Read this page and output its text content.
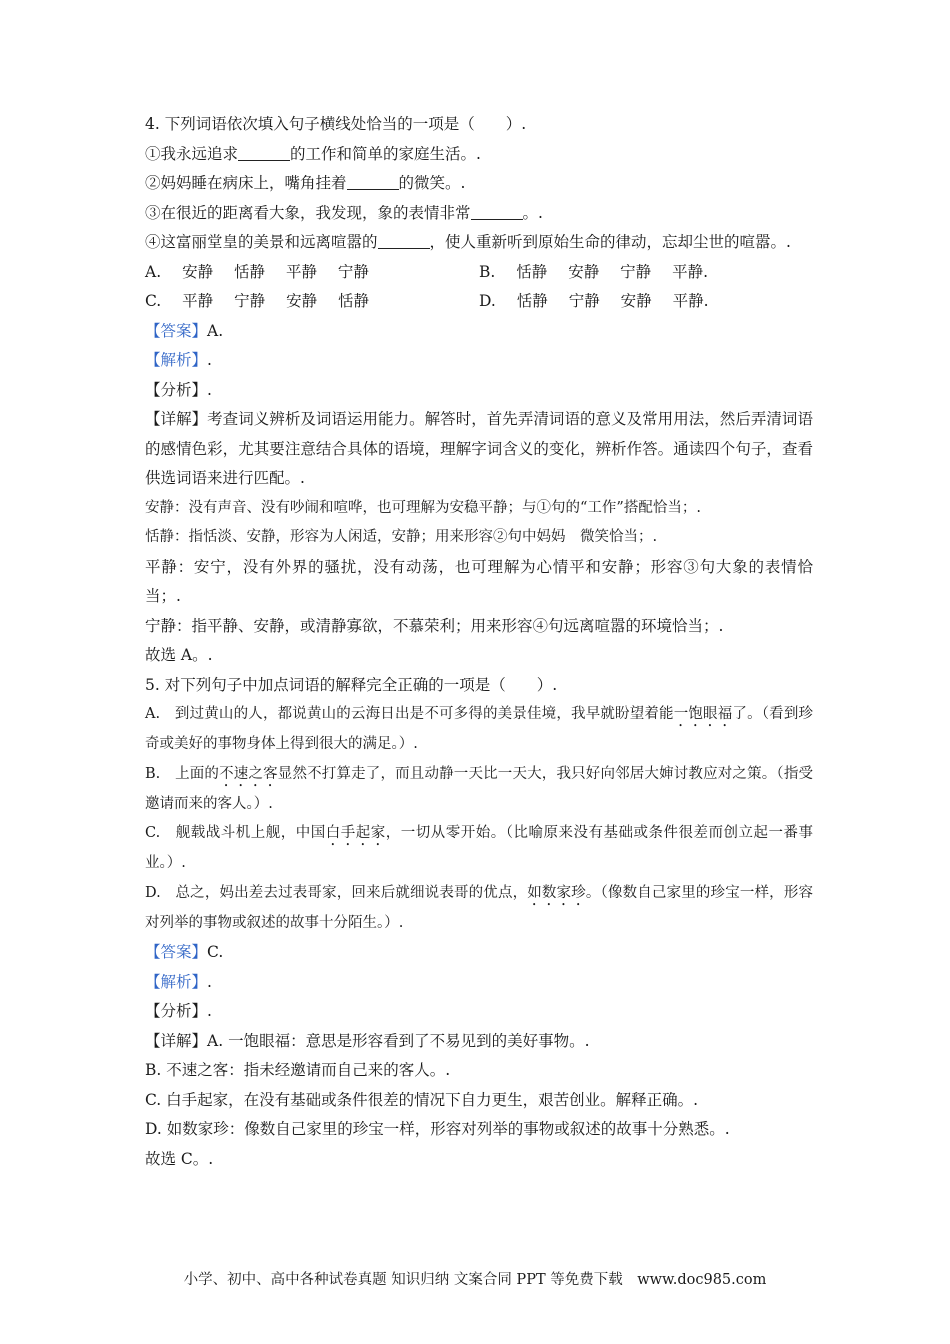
4. 下列词语依次填入句子横线处恰当的一项是（　　）.
①我永远追求	的工作和简单的家庭生活。.
②妈妈睡在病床上，嘴角挂着	的微笑。.
③在很近的距离看大象，我发现，象的表情非常	。.
④这富丽堂皇的美景和远离喧嚣的	，使人重新听到原始生命的律动，忘却尘世的喧嚣。.
A. 安静 恬静 平静 宁静	B. 恬静 安静 宁静 平静.
C. 平静 宁静 安静 恬静	D. 恬静 宁静 安静 平静.
【答案】A.
【解析】.
【分析】.
【详解】考查词义辨析及词语运用能力。解答时，首先弄清词语的意义及常用用法，然后弄清词语的感情色彩，尤其要注意结合具体的语境，理解字词含义的变化，辨析作答。通读四个句子，查看供选词语来进行匹配。.
安静：没有声音、没有吵闹和喧哗，也可理解为安稳平静；与①句的“工作”搭配恰当；.
恬静：指恬淡、安静，形容为人闲适，安静；用来形容②句中妈妈　微笑恰当；.
平静：安宁，没有外界的骚扰，没有动荡，也可理解为心情平和安静；形容③句大象的表情恰当；.
宁静：指平静、安静，或清静寡欲，不慕荣利；用来形容④句远离喧嚣的环境恰当；.
故选 A。.
5. 对下列句子中加点词语的解释完全正确的一项是（　　）.
A.　到过黄山的人，都说黄山的云海日出是不可多得的美景佳境，我早就盼望着能一饱眼福了。（看到珍奇或美好的事物身体上得到很大的满足。）.
B.　上面的不速之客显然不打算走了，而且动静一天比一天大，我只好向邻居大婶讨教应对之策。（指受邀请而来的客人。）.
C.　舰载战斗机上舰，中国白手起家，一切从零开始。（比喻原来没有基础或条件很差而创立起一番事业。）.
D.　总之，妈出差去过表哥家，回来后就细说表哥的优点，如数家珍。（像数自己家里的珍宝一样，形容对列举的事物或叙述的故事十分陌生。）.
【答案】C.
【解析】.
【分析】.
【详解】A. 一饱眼福：意思是形容看到了不易见到的美好事物。.
B. 不速之客：指未经邀请而自己来的客人。.
C. 白手起家，在没有基础或条件很差的情况下自力更生，艰苦创业。解释正确。.
D. 如数家珍：像数自己家里的珍宝一样，形容对列举的事物或叙述的故事十分熟悉。.
故选 C。.
小学、初中、高中各种试卷真题 知识归纳 文案合同 PPT 等免费下载　www.doc985.com
